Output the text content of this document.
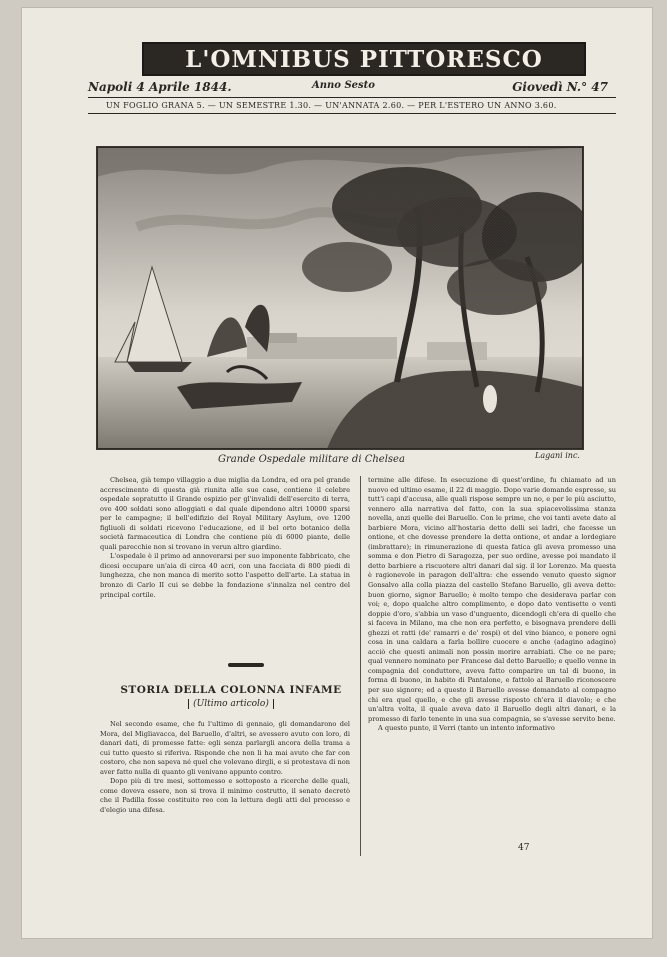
L'OMNIBUS PITTORESCO
Napoli 4 Aprile 1844.	Anno Sesto	Giovedì N.° 47
UN FOGLIO GRANA 5. — UN SEMESTRE 1.30. — UN'ANNATA 2.60. — PER L'ESTERO UN ANNO 3.60.
Grande Ospedale militare di Chelsea	Lagani inc.

Chelsea, già tempo villaggio a due miglia da Londra, ed ora pel grande accrescimento di questa già riunita alle sue case, contiene il celebre ospedale sopratutto il Grande ospizio per gl'invalidi dell'esercito di terra, ove 400 soldati sono alloggiati e dal quale dipendono altri 10000 sparsi per le campagne; il bell'edifizio del Royal Military Asylum, ove 1200 figliuoli di soldati ricevono l'educazione, ed il bel orto botanico della società farmaceutica di Londra che contiene più di 6000 piante, delle quali parecchie non si trovano in verun altro giardino.

L'ospedale è il primo ad annoverarsi per suo imponente fabbricato, che dicesi occupare un'aia di circa 40 acri, con una facciata di 800 piedi di lunghezza, che non manca di merito sotto l'aspetto dell'arte. La statua in bronzo di Carlo II cui se debbe la fondazione s'innalza nel centro del principal cortile.

STORIA DELLA COLONNA INFAME
(Ultimo articolo)

Nel secondo esame, che fu l'ultimo di gennaio, gli domandarono del Mora, del Migliavacca, del Baruello, d'altri, se avessero avuto con loro, di danari dati, di promesse fatte: egli senza parlargli ancora della trama a cui tutto questo si riferiva. Risponde che non li ha mai avuto che far con costoro, che non sapeva né quel che volevano dirgli, e si protestava di non aver fatto nulla di quanto gli venivano appunto contro.

Dopo più di tre mesi, sottomesso e sottoposto a ricerche delle quali, come doveva essere, non si trova il minimo costrutto, il senato decretò che il Padilla fosse costituito reo con la lettura degli atti del processo e d'elegio una difesa.

termine alle difese. In esecuzione di quest'ordine, fu chiamato ad un nuovo ed ultimo esame, il 22 di maggio. Dopo varie domande espresse, su tutt'i capi d'accusa, alle quali rispose sempre un no, e per le più asciutto, vennero alla narrativa del fatto, con la sua spiacevolissima stanza novella, anzi quelle dei Baruello. Con le prime, che voi tanti avete dato al barbiere Mora, vicino all'hostaria detto delli sei ladri, che facesse un ontione, et che dovesse prendere la detta ontione, et andar a lordegiare (imbrattare); in rimunerazione di questa fatica gli aveva promesso una somma e don Pietro di Saragozza, per suo ordine, avesse poi mandato il detto barbiere a riscuotere altri danari dal sig. il lor Lorenzo. Ma questa è ragionevole in paragon dell'altra: che essendo venuto questo signor Gonsalvo alla colla piazza del castello Stefano Baruello, gli aveva detto: buon giorno, signor Baruello; è molto tempo che desiderava parlar con voi; e, dopo qualche altro complimento, e dopo dato ventisette o venti doppie d'oro, s'abbia un vaso d'unguento, dicendogli ch'era di quello che si faceva in Milano, ma che non era perfetto, e bisognava prendere delli ghezzi et ratti (de' ramarri e de' rospi) et del vino bianco, e ponere ogni cosa in una caldara a farla bollire cuocere e anche (adagino adagino) acciò che questi animali non possin morire arrabiati. Che ce ne pare; qual vennero nominato per Francese dal detto Baruello; e quello venne in compagnia del conduttore, aveva fatto comparire un tal di buono, in forma di buono, in habito di Pantalone, e fattolo al Baruello riconoscere per suo signore; ed a questo il Baruello avesse domandato al compagno chi era quel quello, e che gli avesse risposto ch'era il diavolo; e che un'altra volta, il quale aveva dato il Baruello degli altri danari, e la promesso di farlo tenente in una sua compagnia, se s'avesse servito bene.

A questo punto, il Verri (tanto un intento informativo

47
